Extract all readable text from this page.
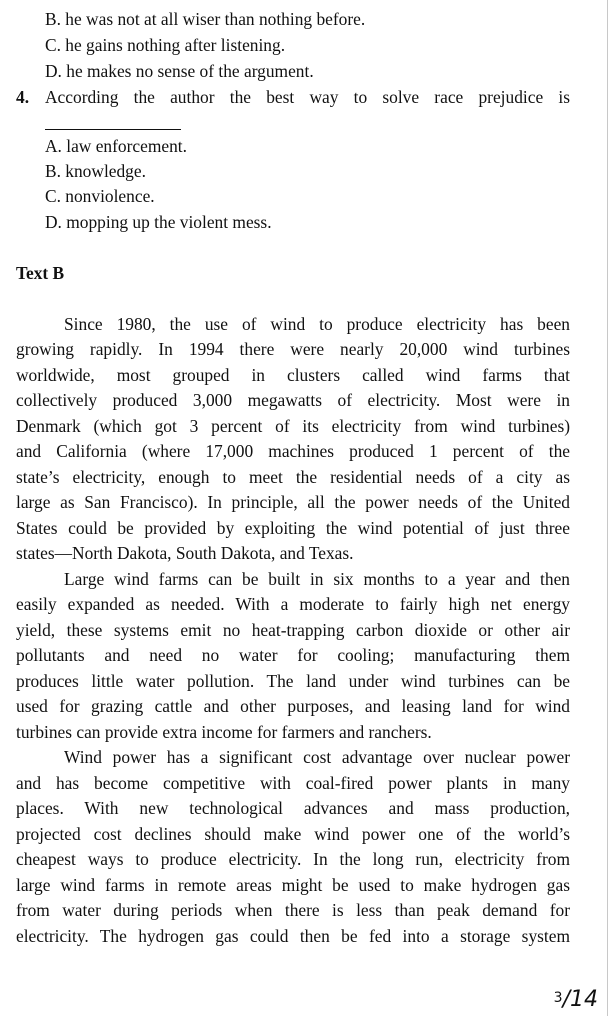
B. he was not at all wiser than nothing before.

C. he gains nothing after listening.

D. he makes no sense of the argument.

4. According the author the best way to solve race prejudice is

A. law enforcement.

B. knowledge.

C. nonviolence.

D. mopping up the violent mess.

Text B

Since 1980, the use of wind to produce electricity has been

growing rapidly. In 1994 there were nearly 20,000 wind turbines

worldwide, most grouped in clusters called wind farms that

collectively produced 3,000 megawatts of electricity. Most were in

Denmark (which got 3 percent of its electricity from wind turbines)

and California (where 17,000 machines produced 1 percent of the

state’s electricity, enough to meet the residential needs of a city as

large as San Francisco). In principle, all the power needs of the United

States could be provided by exploiting the wind potential of just three

states—North Dakota, South Dakota, and Texas.

Large wind farms can be built in six months to a year and then

easily expanded as needed. With a moderate to fairly high net energy

yield, these systems emit no heat-trapping carbon dioxide or other air

pollutants and need no water for cooling; manufacturing them

produces little water pollution. The land under wind turbines can be

used for grazing cattle and other purposes, and leasing land for wind

turbines can provide extra income for farmers and ranchers.

Wind power has a significant cost advantage over nuclear power

and has become competitive with coal-fired power plants in many

places. With new technological advances and mass production,

projected cost declines should make wind power one of the world’s

cheapest ways to produce electricity. In the long run, electricity from

large wind farms in remote areas might be used to make hydrogen gas

from water during periods when there is less than peak demand for

electricity. The hydrogen gas could then be fed into a storage system

3/14
